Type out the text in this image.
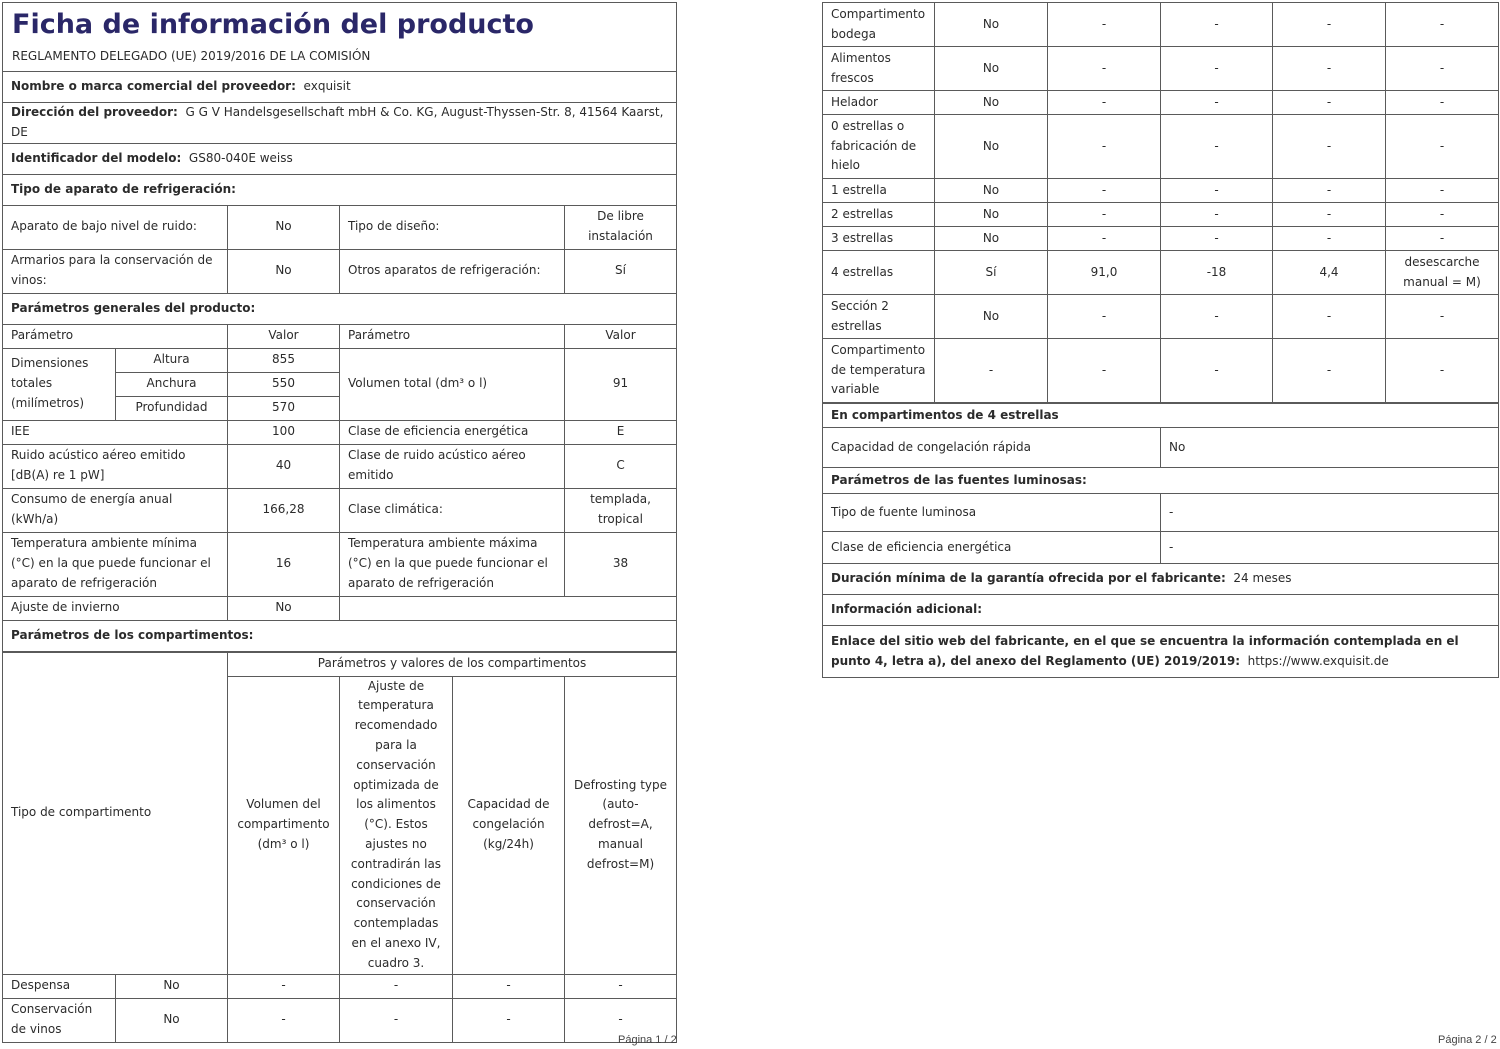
Ficha de información del producto
REGLAMENTO DELEGADO (UE) 2019/2016 DE LA COMISIÓN
Nombre o marca comercial del proveedor: exquisit				
Dirección del proveedor: G G V Handelsgesellschaft mbH & Co. KG, August-Thyssen-Str. 8, 41564 Kaarst, DE				
Identificador del modelo: GS80-040E weiss				
Tipo de aparato de refrigeración:				
Aparato de bajo nivel de ruido:		No	Tipo de diseño:	De libre instalación
Armarios para la conservación de vinos:		No	Otros aparatos de refrigeración:	Sí
Parámetros generales del producto:				
Parámetro		Valor	Parámetro	Valor
Dimensiones totales (milímetros)	Altura	855	Volumen total (dm³ o l)	91
	Anchura	550		
	Profundidad	570		
IEE		100	Clase de eficiencia energética	E
Ruido acústico aéreo emitido [dB(A) re 1 pW]		40	Clase de ruido acústico aéreo emitido	C
Consumo de energía anual (kWh/a)		166,28	Clase climática:	templada, tropical
Temperatura ambiente mínima (°C) en la que puede funcionar el aparato de refrigeración		16	Temperatura ambiente máxima (°C) en la que puede funcionar el aparato de refrigeración	38
Ajuste de invierno		No		
Parámetros de los compartimentos:				
Tipo de compartimento		Parámetros y valores de los compartimentos			
		Volumen del compartimento (dm³ o l)	Ajuste de temperatura recomendado para la conservación optimizada de los alimentos (°C). Estos ajustes no contradirán las condiciones de conservación contempladas en el anexo IV, cuadro 3.	Capacidad de congelación (kg/24h)	Defrosting type (auto-defrost=A, manual defrost=M)
Despensa	No	-	-	-	-
Conservación de vinos	No	-	-	-	-
Página 1 / 2
Compartimento bodega	No	-	-	-	-
Alimentos frescos	No	-	-	-	-
Helador	No	-	-	-	-
0 estrellas o fabricación de hielo	No	-	-	-	-
1 estrella	No	-	-	-	-
2 estrellas	No	-	-	-	-
3 estrellas	No	-	-	-	-
4 estrellas	Sí	91,0	-18	4,4	desescarche manual = M)
Sección 2 estrellas	No	-	-	-	-
Compartimento de temperatura variable	-	-	-	-	-
En compartimentos de 4 estrellas	
Capacidad de congelación rápida	No
Parámetros de las fuentes luminosas:	
Tipo de fuente luminosa	-
Clase de eficiencia energética	-
Duración mínima de la garantía ofrecida por el fabricante: 24 meses	
Información adicional:	
Enlace del sitio web del fabricante, en el que se encuentra la información contemplada en el punto 4, letra a), del anexo del Reglamento (UE) 2019/2019: https://www.exquisit.de	
Página 2 / 2
